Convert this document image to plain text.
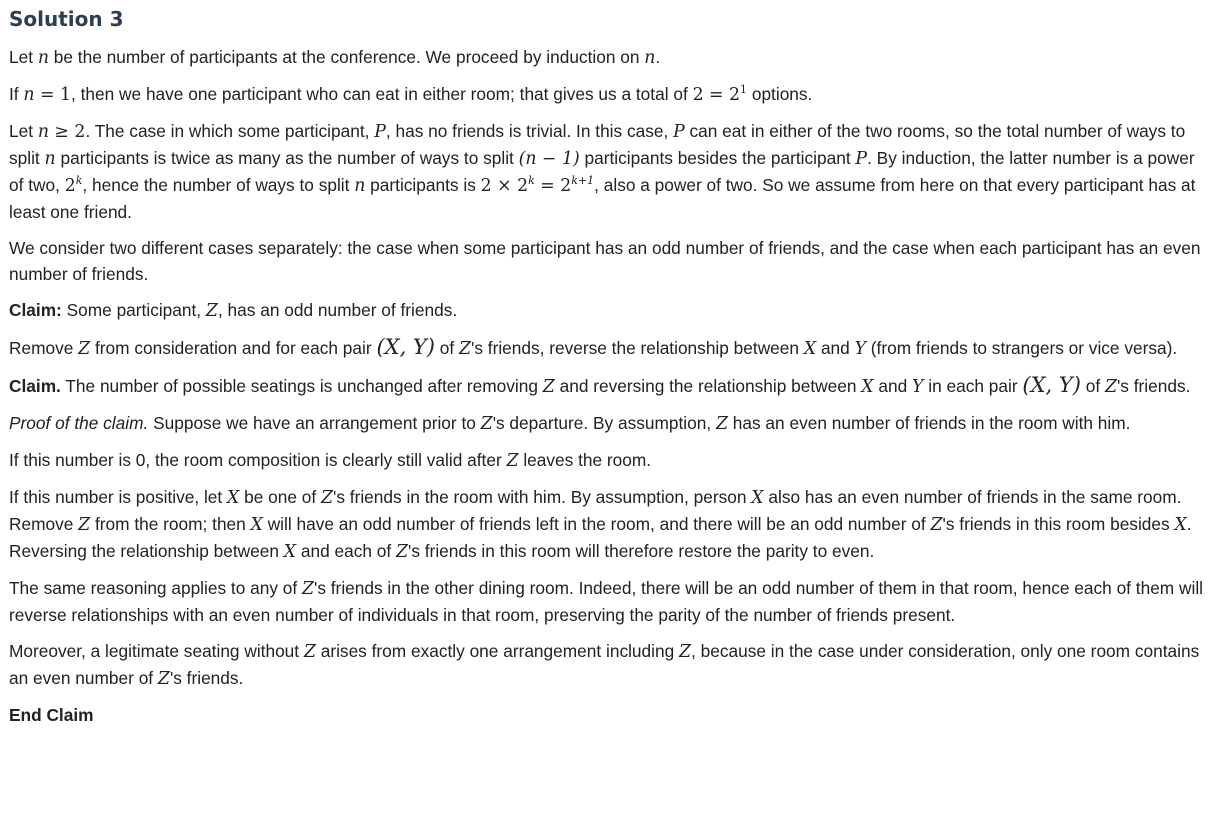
Solution 3

Let n be the number of participants at the conference. We proceed by induction on n.

If n = 1, then we have one participant who can eat in either room; that gives us a total of $2 = 2^1$ options.

Let n ≥ 2. The case in which some participant, P, has no friends is trivial. In this case, P can eat in either of the two rooms, so the total number of ways to split n participants is twice as many as the number of ways to split (n − 1) participants besides the participant P. By induction, the latter number is a power of two, 2$^k$, hence the number of ways to split n participants is $2 \times 2^k = 2^{k+1}$, also a power of two. So we assume from here on that every participant has at least one friend.

We consider two different cases separately: the case when some participant has an odd number of friends, and the case when each participant has an even number of friends.

Claim: Some participant, Z, has an odd number of friends.

Remove Z from consideration and for each pair (X, Y) of Z's friends, reverse the relationship between X and Y (from friends to strangers or vice versa).

Claim. The number of possible seatings is unchanged after removing Z and reversing the relationship between X and Y in each pair (X, Y) of Z's friends.

Proof of the claim. Suppose we have an arrangement prior to Z's departure. By assumption, Z has an even number of friends in the room with him.

If this number is 0, the room composition is clearly still valid after Z leaves the room.

If this number is positive, let X be one of Z's friends in the room with him. By assumption, person X also has an even number of friends in the same room. Remove Z from the room; then X will have an odd number of friends left in the room, and there will be an odd number of Z's friends in this room besides X. Reversing the relationship between X and each of Z's friends in this room will therefore restore the parity to even.

The same reasoning applies to any of Z's friends in the other dining room. Indeed, there will be an odd number of them in that room, hence each of them will reverse relationships with an even number of individuals in that room, preserving the parity of the number of friends present.

Moreover, a legitimate seating without Z arises from exactly one arrangement including Z, because in the case under consideration, only one room contains an even number of Z's friends.

End Claim
